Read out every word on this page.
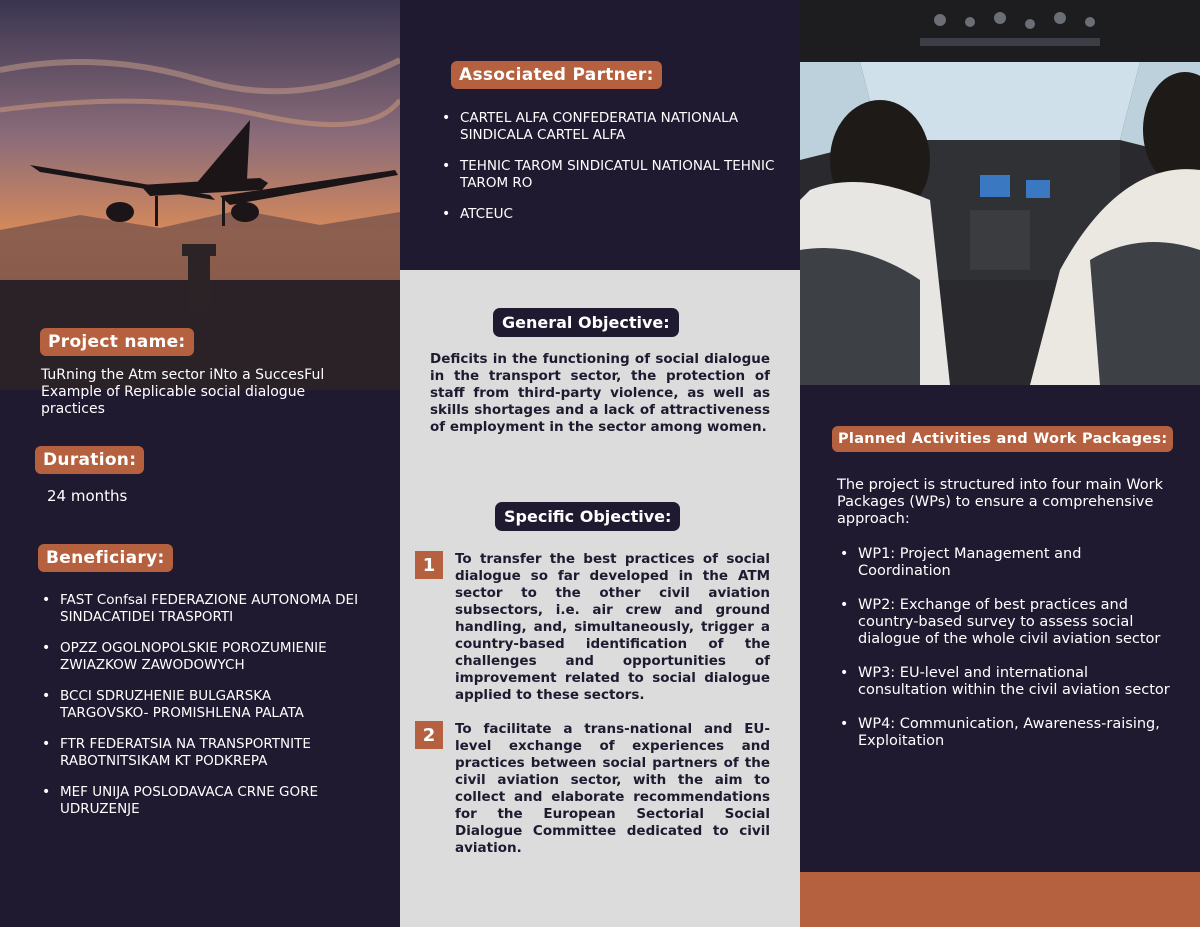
Project name:
TuRning the Atm sector iNto a SuccesFul Example of Replicable social dialogue practices
Duration:
24 months
Beneficiary:
• FAST Confsal FEDERAZIONE AUTONOMA DEI SINDACATIDEI TRASPORTI
• OPZZ OGOLNOPOLSKIE POROZUMIENIE ZWIAZKOW ZAWODOWYCH
• BCCI SDRUZHENIE BULGARSKA TARGOVSKO- PROMISHLENA PALATA
• FTR FEDERATSIA NA TRANSPORTNITE RABOTNITSIKAM KT PODKREPA
• MEF UNIJA POSLODAVACA CRNE GORE UDRUZENJE
Associated Partner:
• CARTEL ALFA CONFEDERATIA NATIONALA SINDICALA CARTEL ALFA
• TEHNIC TAROM SINDICATUL NATIONAL TEHNIC TAROM RO
• ATCEUC
General Objective:
Deficits in the functioning of social dialogue in the transport sector, the protection of staff from third-party violence, as well as skills shortages and a lack of attractiveness of employment in the sector among women.
Specific Objective:
1	To transfer the best practices of social dialogue so far developed in the ATM sector to the other civil aviation subsectors, i.e. air crew and ground handling, and, simultaneously, trigger a country-based identification of the challenges and opportunities of improvement related to social dialogue applied to these sectors.
2	To facilitate a trans-national and EU-level exchange of experiences and practices between social partners of the civil aviation sector, with the aim to collect and elaborate recommendations for the European Sectorial Social Dialogue Committee dedicated to civil aviation.
Planned Activities and Work Packages:
The project is structured into four main Work Packages (WPs) to ensure a comprehensive approach:
• WP1: Project Management and Coordination
• WP2: Exchange of best practices and country-based survey to assess social dialogue of the whole civil aviation sector
• WP3: EU-level and international consultation within the civil aviation sector
• WP4: Communication, Awareness-raising, Exploitation
